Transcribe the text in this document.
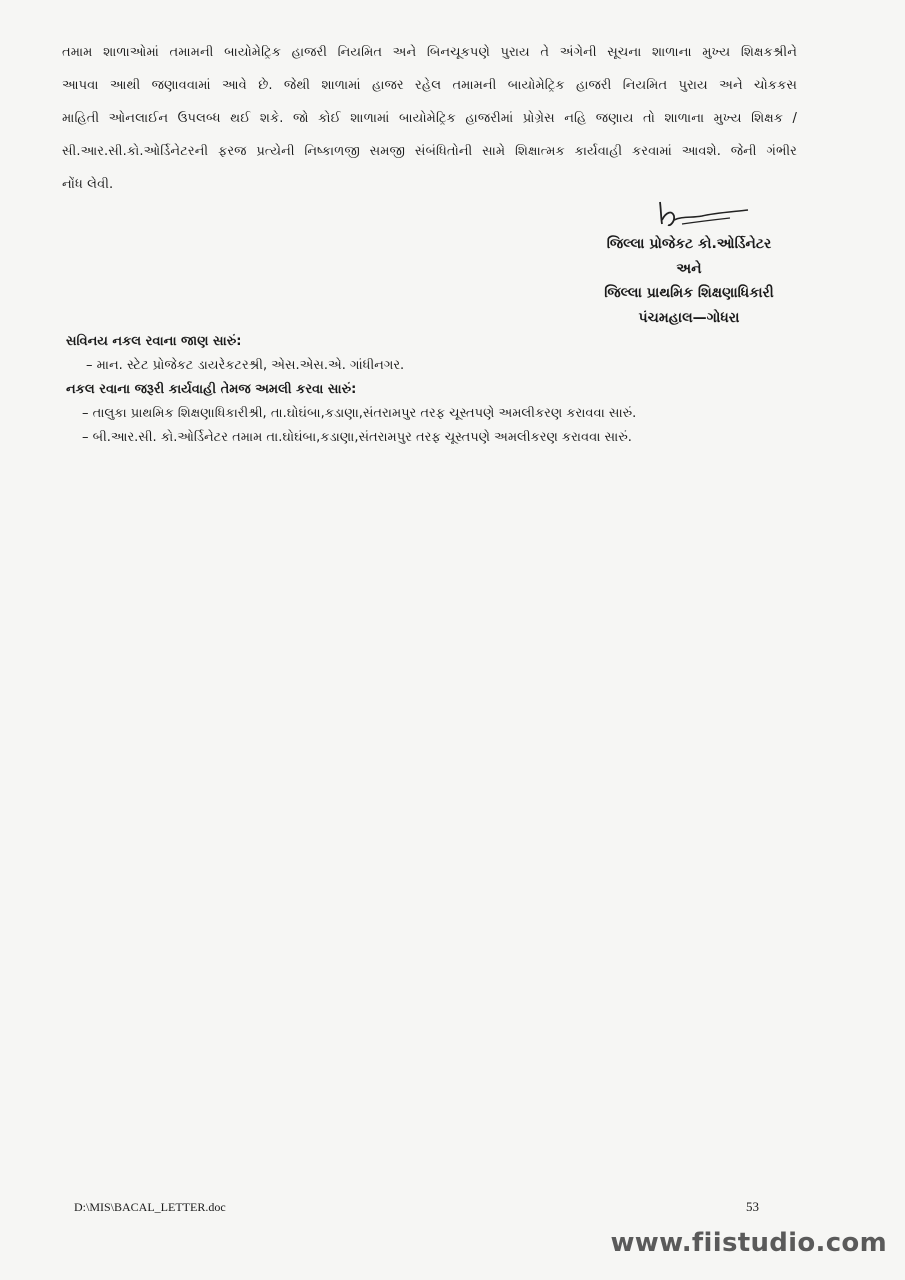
તમામ શાળાઓમાં તમામની બાયોમેટ્રિક હાજરી નિયમિત અને બિનચૂકપણે પુરાય તે અંગેની સૂચના શાળાના મુખ્ય શિક્ષકશ્રીને
આપવા આથી જણાવવામાં આવે છે. જેથી શાળામાં હાજર રહેલ તમામની બાયોમેટ્રિક હાજરી નિયમિત પુરાય અને ચોકકસ
માહિતી ઓનલાઈન ઉપલબ્ધ થઈ શકે. જો કોઈ શાળામાં બાયોમેટ્રિક હાજરીમાં પ્રોગ્રેસ નહિ જણાય તો શાળાના મુખ્ય શિક્ષક /
સી.આર.સી.કો.ઓર્ડિનેટરની ફરજ પ્રત્યેની નિષ્કાળજી સમજી સંબંધિતોની સામે શિક્ષાત્મક કાર્યવાહી કરવામાં આવશે. જેની ગંભીર
નોંધ લેવી.
જિલ્લા પ્રોજેકટ કો.ઓર્ડિનેટર
અને
જિલ્લા પ્રાથમિક શિક્ષણાધિકારી
પંચમહાલ—ગોધરા
સવિનય નકલ રવાના જાણ સારું:
– માન. સ્ટેટ પ્રોજેકટ ડાયરેકટરશ્રી, એસ.એસ.એ. ગાંધીનગર.
નકલ રવાના જરૂરી કાર્યવાહી તેમજ અમલી કરવા સારું:
– તાલુકા પ્રાથમિક શિક્ષણાધિકારીશ્રી, તા.ઘોઘંબા,કડાણા,સંતરામપુર તરફ ચૂસ્તપણે અમલીકરણ કરાવવા સારું.
– બી.આર.સી. કો.ઓર્ડિનેટર તમામ તા.ઘોઘંબા,કડાણા,સંતરામપુર તરફ ચૂસ્તપણે અમલીકરણ કરાવવા સારું.
D:\MIS\BACAL_LETTER.doc	53
www.fiistudio.com
